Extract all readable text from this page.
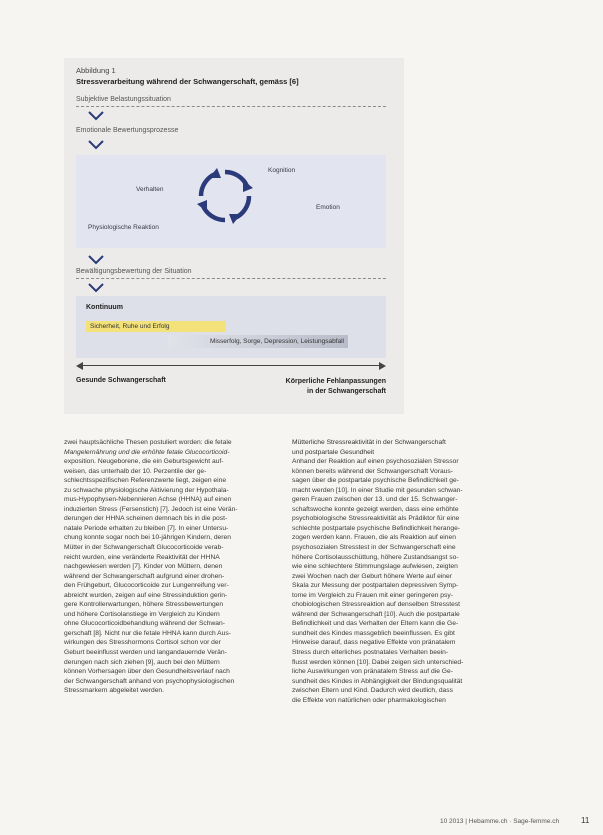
Abbildung 1
Stressverarbeitung während der Schwangerschaft, gemäss [6]
Subjektive Belastungssituation
Emotionale Bewertungsprozesse
Kognition
Verhalten
Emotion
Physiologische Reaktion
Bewältigungsbewertung der Situation
Kontinuum
Sicherheit, Ruhe und Erfolg
Misserfolg, Sorge, Depression, Leistungsabfall
Gesunde Schwangerschaft	Körperliche Fehlanpassungen
in der Schwangerschaft
zwei hauptsächliche Thesen postuliert worden: die fetale
Mangelernährung und die erhöhte fetale Glucocorticoid-
exposition. Neugeborene, die ein Geburtsgewicht auf-
weisen, das unterhalb der 10. Perzentile der ge-
schlechtsspezifischen Referenzwerte liegt, zeigen eine
zu schwache physiologische Aktivierung der Hypothala-
mus-Hypophysen-Nebennieren Achse (HHNA) auf einen
induzierten Stress (Fersenstich) [7]. Jedoch ist eine Verän-
derungen der HHNA scheinen demnach bis in die post-
natale Periode erhalten zu bleiben [7]. In einer Untersu-
chung konnte sogar noch bei 10-jährigen Kindern, deren
Mütter in der Schwangerschaft Glucocorticoide verab-
reicht wurden, eine veränderte Reaktivität der HHNA
nachgewiesen werden [7]. Kinder von Müttern, denen
während der Schwangerschaft aufgrund einer drohen-
den Frühgeburt, Glucocorticoide zur Lungenreifung ver-
abreicht wurden, zeigen auf eine Stressinduktion gerin-
gere Kontrollerwartungen, höhere Stressbewertungen
und höhere Cortisolanstiege im Vergleich zu Kindern
ohne Glucocorticoidbehandlung während der Schwan-
gerschaft [8]. Nicht nur die fetale HHNA kann durch Aus-
wirkungen des Stresshormons Cortisol schon vor der
Geburt beeinflusst werden und langandauernde Verän-
derungen nach sich ziehen [9], auch bei den Müttern
können Vorhersagen über den Gesundheitsverlauf nach
der Schwangerschaft anhand von psychophysiologischen
Stressmarkern abgeleitet werden.
Mütterliche Stressreaktivität in der Schwangerschaft
und postpartale Gesundheit
Anhand der Reaktion auf einen psychosozialen Stressor
können bereits während der Schwangerschaft Voraus-
sagen über die postpartale psychische Befindlichkeit ge-
macht werden [10]. In einer Studie mit gesunden schwan-
geren Frauen zwischen der 13. und der 15. Schwanger-
schaftswoche konnte gezeigt werden, dass eine erhöhte
psychobiologische Stressreaktivität als Prädiktor für eine
schlechte postpartale psychische Befindlichkeit herange-
zogen werden kann. Frauen, die als Reaktion auf einen
psychosozialen Stresstest in der Schwangerschaft eine
höhere Cortisolausschüttung, höhere Zustandsangst so-
wie eine schlechtere Stimmungslage aufwiesen, zeigten
zwei Wochen nach der Geburt höhere Werte auf einer
Skala zur Messung der postpartalen depressiven Symp-
tome im Vergleich zu Frauen mit einer geringeren psy-
chobiologischen Stressreaktion auf denselben Stresstest
während der Schwangerschaft [10]. Auch die postpartale
Befindlichkeit und das Verhalten der Eltern kann die Ge-
sundheit des Kindes massgeblich beeinflussen. Es gibt
Hinweise darauf, dass negative Effekte von pränatalem
Stress durch elterliches postnatales Verhalten beein-
flusst werden können [10]. Dabei zeigen sich unterschied-
liche Auswirkungen von pränatalem Stress auf die Ge-
sundheit des Kindes in Abhängigkeit der Bindungsqualität
zwischen Eltern und Kind. Dadurch wird deutlich, dass
die Effekte von natürlichen oder pharmakologischen
10 2013 | Hebamme.ch · Sage-femme.ch	11
